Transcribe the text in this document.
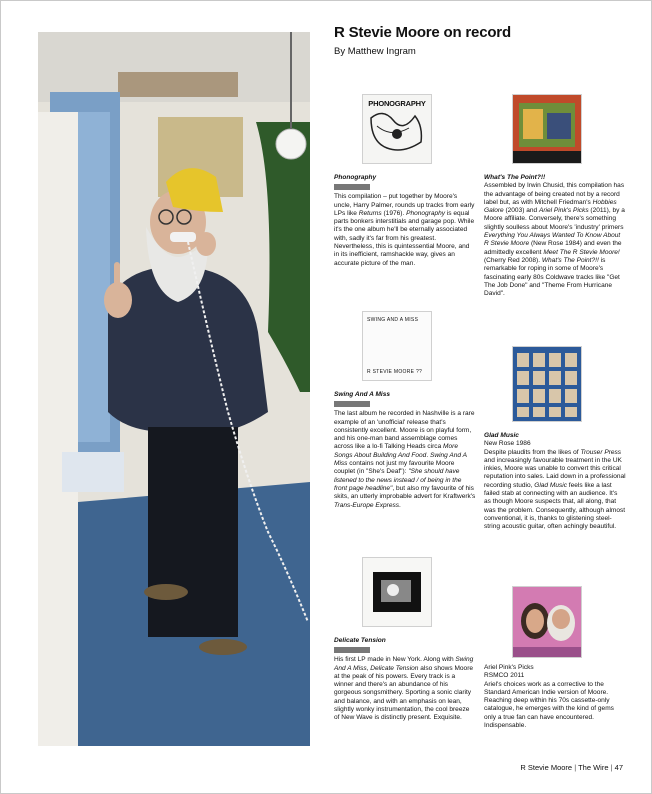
R Stevie Moore on record
By Matthew Ingram
PHONOGRAPHY
Phonography

This compilation – put together by Moore's uncle, Harry Palmer, rounds up tracks from early LPs like Returns (1976). Phonography is equal parts bonkers interstitials and garage pop. While it's the one album he'll be eternally associated with, sadly it's far from his greatest. Nevertheless, this is quintessential Moore, and in its inefficient, ramshackle way, gives an accurate picture of the man.

What's The Point?!!

Assembled by Irwin Chusid, this compilation has the advantage of being created not by a record label but, as with Mitchell Friedman's Hobbies Galore (2003) and Ariel Pink's Picks (2011), by a Moore affiliate. Conversely, there's something slightly soulless about Moore's 'industry' primers Everything You Always Wanted To Know About R Stevie Moore (New Rose 1984) and even the admittedly excellent Meet The R Stevie Moore! (Cherry Red 2008). What's The Point?!! is remarkable for roping in some of Moore's fascinating early 80s Coldwave tracks like "Get The Job Done" and "Theme From Hurricane David".

SWING AND A MISS
R STEVIE MOORE ??
Swing And A Miss

The last album he recorded in Nashville is a rare example of an 'unofficial' release that's consistently excellent. Moore is on playful form, and his one-man band assemblage comes across like a lo-fi Talking Heads circa More Songs About Building And Food. Swing And A Miss contains not just my favourite Moore couplet (in "She's Deaf"): "She should have listened to the news instead / of being in the front page headline", but also my favourite of his skits, an utterly improbable advert for Kraftwerk's Trans-Europe Express.

Glad Music
New Rose 1986

Despite plaudits from the likes of Trouser Press and increasingly favourable treatment in the UK inkies, Moore was unable to convert this critical reputation into sales. Laid down in a professional recording studio, Glad Music feels like a last failed stab at connecting with an audience. It's as though Moore suspects that, all along, that was the problem. Consequently, although almost conventional, it is, thanks to glistening steel-string acoustic guitar, often achingly beautiful.

Delicate Tension

His first LP made in New York. Along with Swing And A Miss, Delicate Tension also shows Moore at the peak of his powers. Every track is a winner and there's an abundance of his gorgeous songsmithery. Sporting a sonic clarity and balance, and with an emphasis on lean, slightly wonky instrumentation, the cool breeze of New Wave is distinctly present. Exquisite.

Ariel Pink's Picks
RSMCO 2011

Ariel's choices work as a corrective to the Standard American Indie version of Moore. Reaching deep within his 70s cassette-only catalogue, he emerges with the kind of gems only a true fan can have encountered. Indispensable.

R Stevie Moore | The Wire | 47
